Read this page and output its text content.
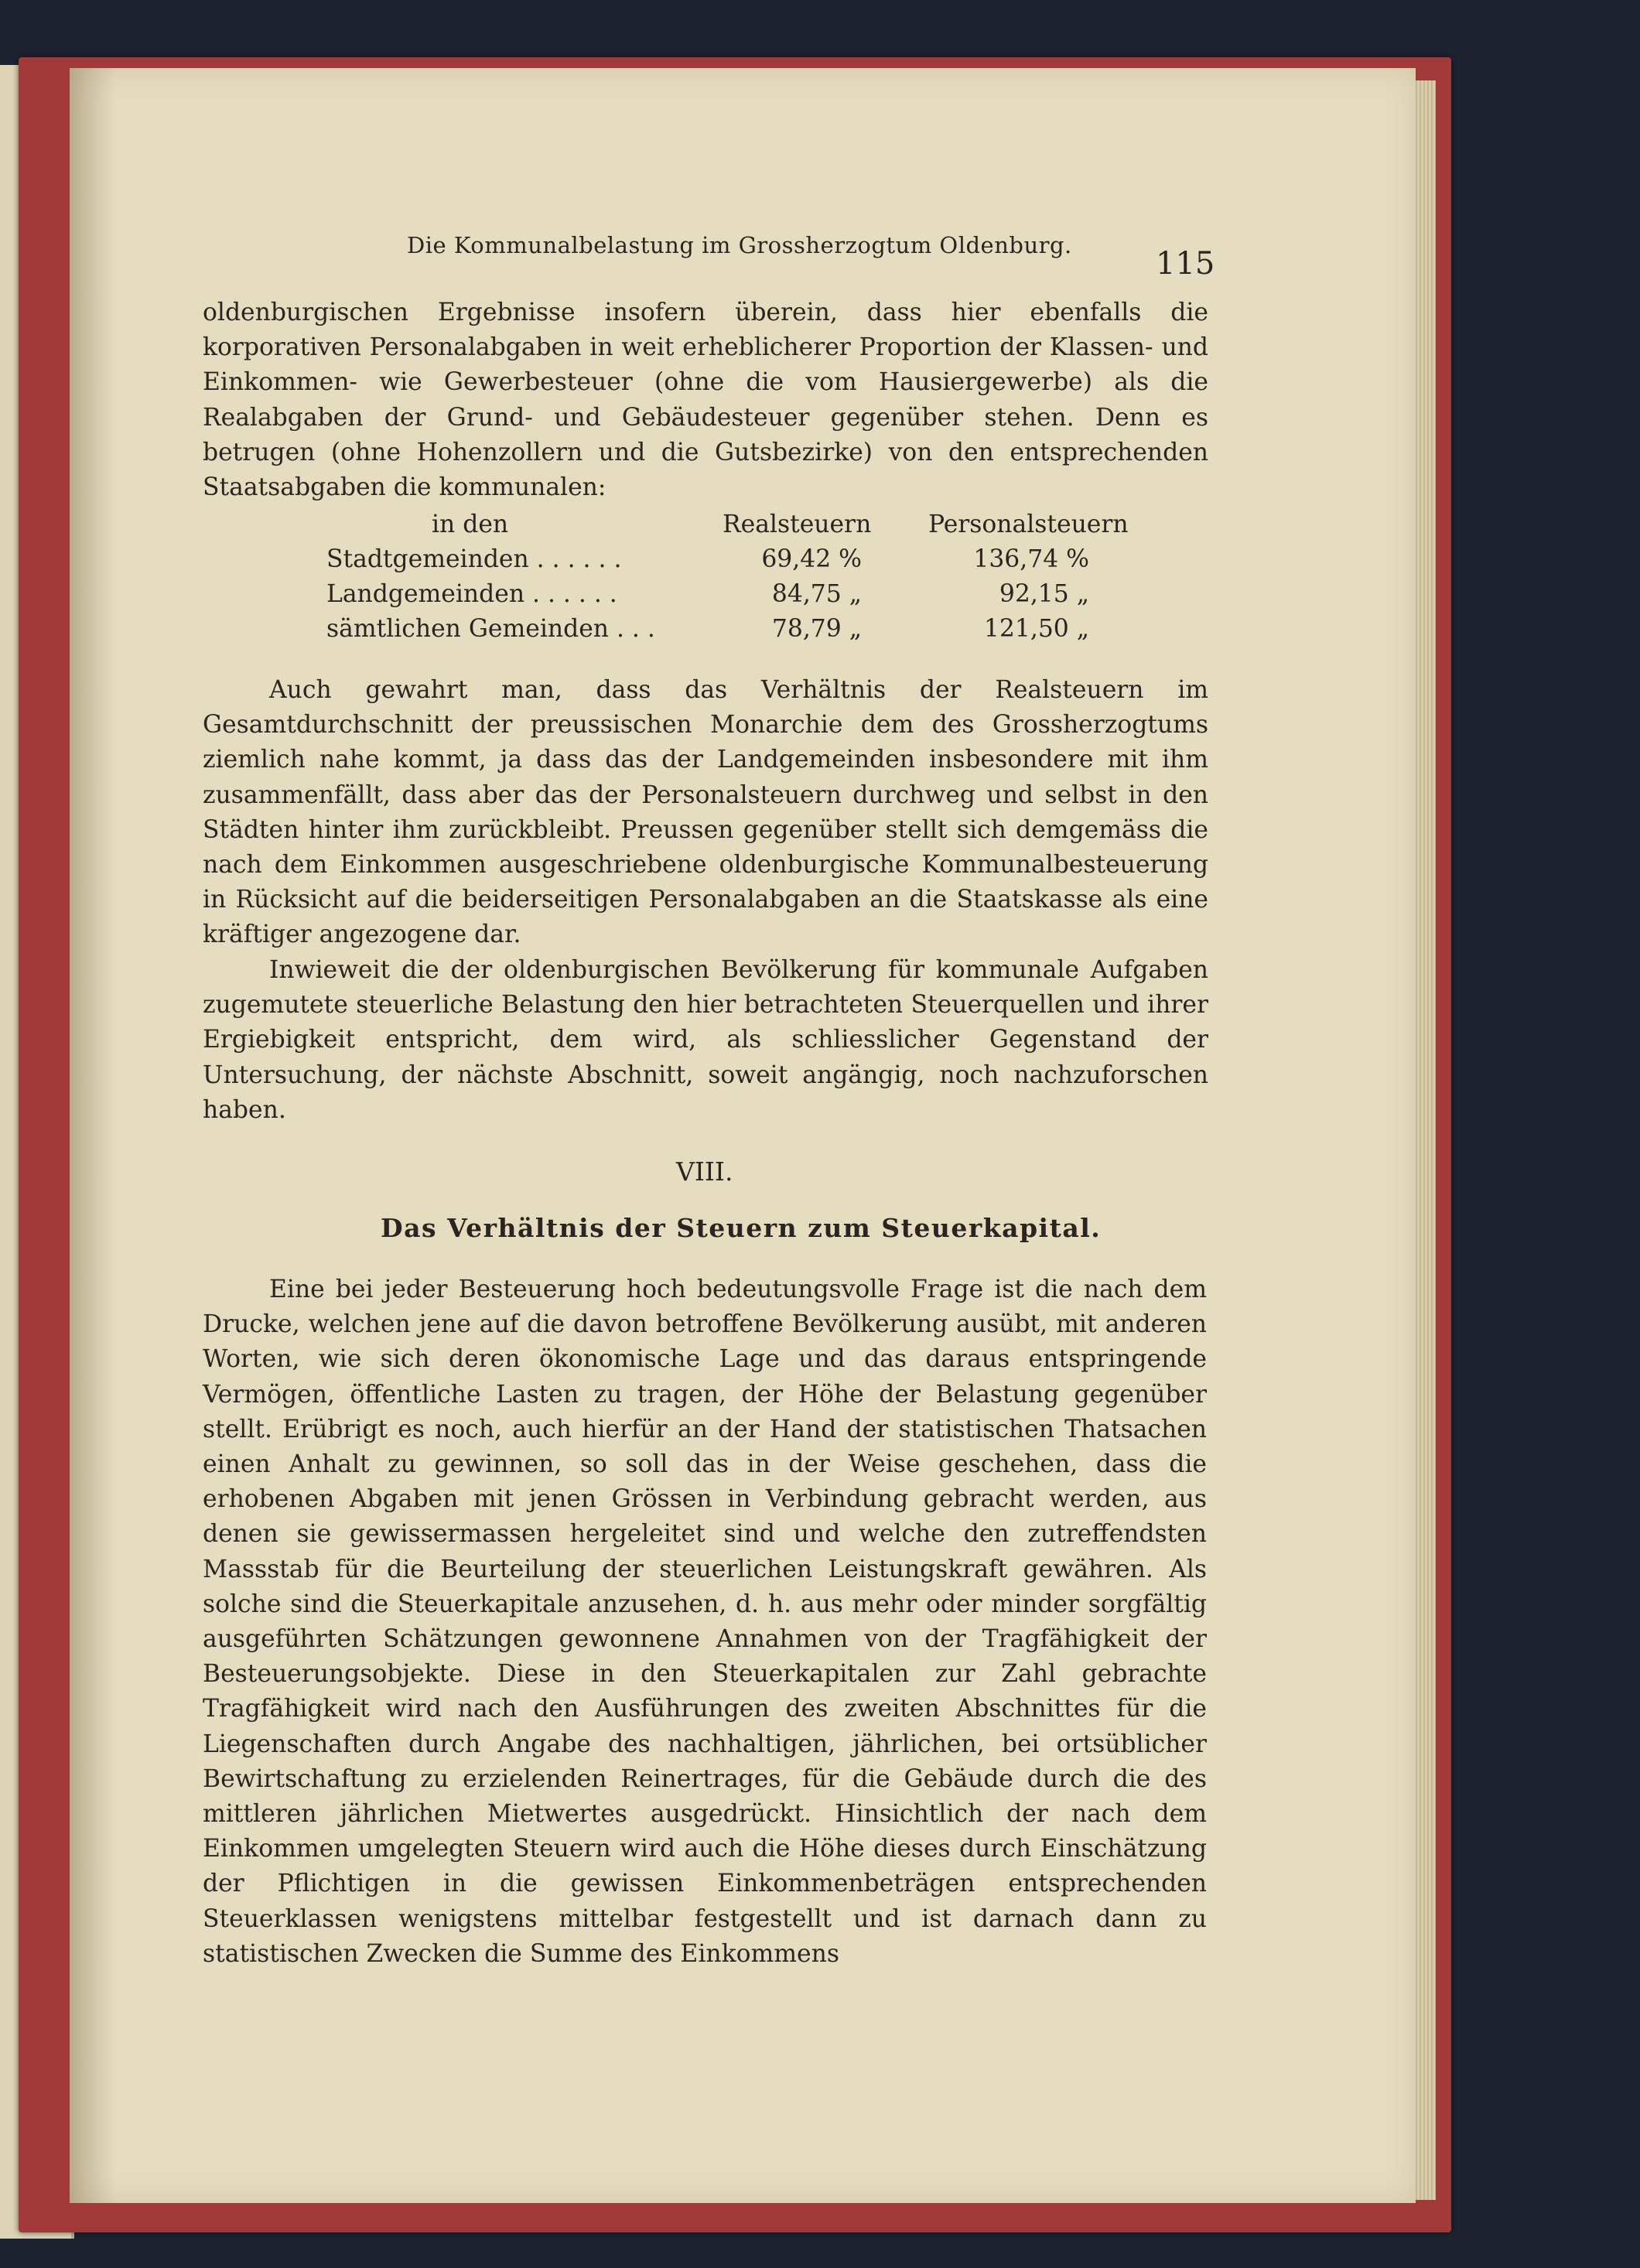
Die Kommunalbelastung im Grossherzogtum Oldenburg.

115

oldenburgischen Ergebnisse insofern überein, dass hier ebenfalls die korporativen Personalabgaben in weit erheblicherer Proportion der Klassen- und Einkommen- wie Gewerbesteuer (ohne die vom Hausiergewerbe) als die Realabgaben der Grund- und Gebäudesteuer gegenüber stehen. Denn es betrugen (ohne Hohenzollern und die Gutsbezirke) von den entsprechenden Staatsabgaben die kommunalen:

in den	Realsteuern Personalsteuern
Stadtgemeinden . . . . . .	69,42 %	136,74 %
Landgemeinden . . . . . .	84,75 „	92,15 „
sämtlichen Gemeinden . . .	78,79 „	121,50 „

Auch gewahrt man, dass das Verhältnis der Realsteuern im Gesamtdurchschnitt der preussischen Monarchie dem des Grossherzogtums ziemlich nahe kommt, ja dass das der Landgemeinden insbesondere mit ihm zusammenfällt, dass aber das der Personalsteuern durchweg und selbst in den Städten hinter ihm zurückbleibt. Preussen gegenüber stellt sich demgemäss die nach dem Einkommen ausgeschriebene oldenburgische Kommunalbesteuerung in Rücksicht auf die beiderseitigen Personalabgaben an die Staatskasse als eine kräftiger angezogene dar.

Inwieweit die der oldenburgischen Bevölkerung für kommunale Aufgaben zugemutete steuerliche Belastung den hier betrachteten Steuerquellen und ihrer Ergiebigkeit entspricht, dem wird, als schliesslicher Gegenstand der Untersuchung, der nächste Abschnitt, soweit angängig, noch nachzuforschen haben.

VIII.

Das Verhältnis der Steuern zum Steuerkapital.

Eine bei jeder Besteuerung hoch bedeutungsvolle Frage ist die nach dem Drucke, welchen jene auf die davon betroffene Bevölkerung ausübt, mit anderen Worten, wie sich deren ökonomische Lage und das daraus entspringende Vermögen, öffentliche Lasten zu tragen, der Höhe der Belastung gegenüber stellt. Erübrigt es noch, auch hierfür an der Hand der statistischen Thatsachen einen Anhalt zu gewinnen, so soll das in der Weise geschehen, dass die erhobenen Abgaben mit jenen Grössen in Verbindung gebracht werden, aus denen sie gewissermassen hergeleitet sind und welche den zutreffendsten Massstab für die Beurteilung der steuerlichen Leistungskraft gewähren. Als solche sind die Steuerkapitale anzusehen, d. h. aus mehr oder minder sorgfältig ausgeführten Schätzungen gewonnene Annahmen von der Tragfähigkeit der Besteuerungsobjekte. Diese in den Steuerkapitalen zur Zahl gebrachte Tragfähigkeit wird nach den Ausführungen des zweiten Abschnittes für die Liegenschaften durch Angabe des nachhaltigen, jährlichen, bei ortsüblicher Bewirtschaftung zu erzielenden Reinertrages, für die Gebäude durch die des mittleren jährlichen Mietwertes ausgedrückt. Hinsichtlich der nach dem Einkommen umgelegten Steuern wird auch die Höhe dieses durch Einschätzung der Pflichtigen in die gewissen Einkommenbeträgen entsprechenden Steuerklassen wenigstens mittelbar festgestellt und ist darnach dann zu statistischen Zwecken die Summe des Einkommens
